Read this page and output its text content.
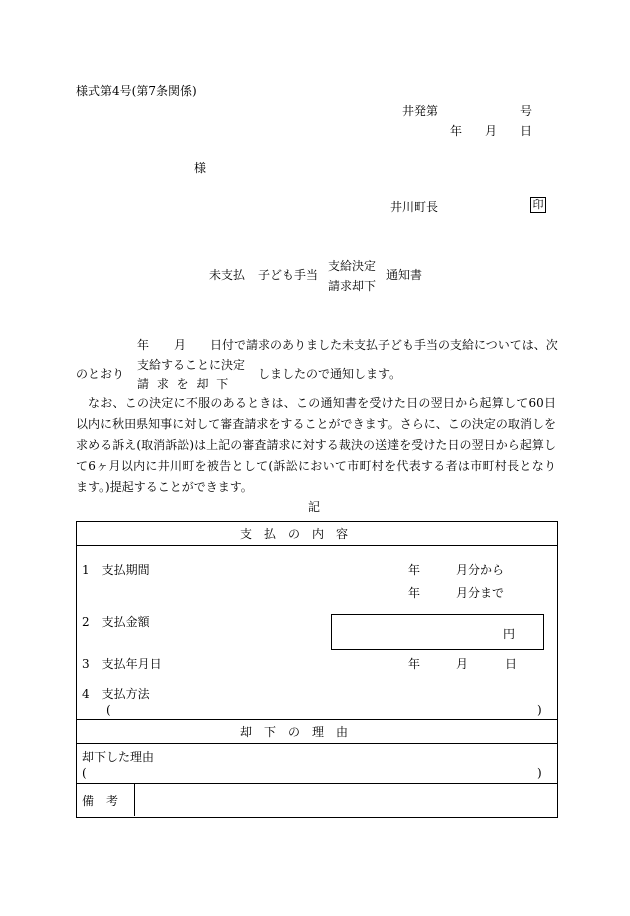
様式第4号(第7条関係)
井発第	号
年 月 日
様
井川町長	印
未支払 子ども手当
支給決定
請求却下
通知書
年 月 日付で請求のありました未支払子ども手当の支給については、次
のとおり
支給することに決定
請 求 を 却 下
しましたので通知します。
なお、この決定に不服のあるときは、この通知書を受けた日の翌日から起算して60日以内に秋田県知事に対して審査請求をすることができます。さらに、この決定の取消しを求める訴え(取消訴訟)は上記の審査請求に対する裁決の送達を受けた日の翌日から起算して6ヶ月以内に井川町を被告として(訴訟において市町村を代表する者は市町村長となります。)提起することができます。
記
支　払　の　内　容
1　支払期間	年	月分から
年	月分まで
2　支払金額
円
3　支払年月日	年	月	日
4　支払方法
(	)
却　下　の　理　由
却下した理由
(	)
備　考
